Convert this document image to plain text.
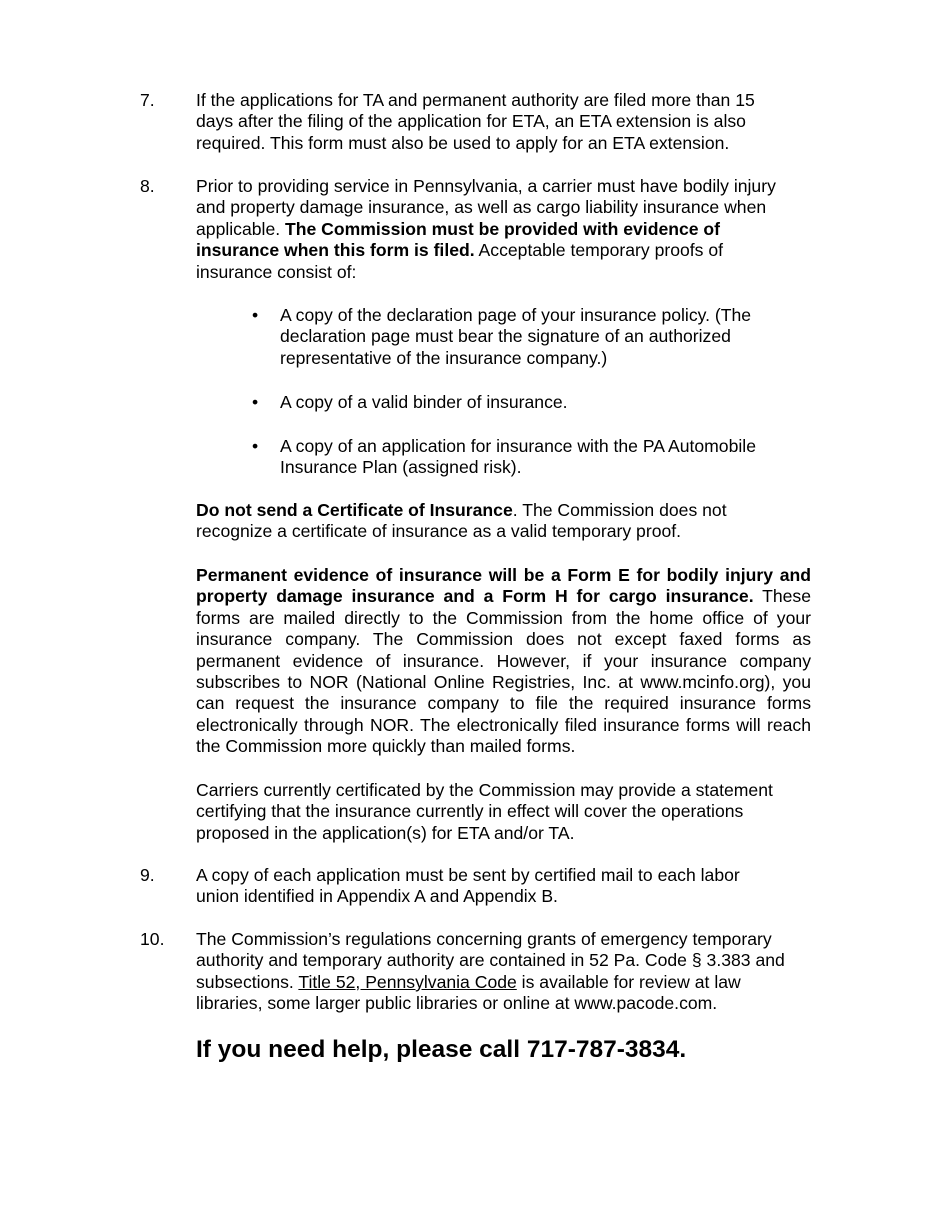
7. If the applications for TA and permanent authority are filed more than 15 days after the filing of the application for ETA, an ETA extension is also required. This form must also be used to apply for an ETA extension.
8. Prior to providing service in Pennsylvania, a carrier must have bodily injury and property damage insurance, as well as cargo liability insurance when applicable. The Commission must be provided with evidence of insurance when this form is filed. Acceptable temporary proofs of insurance consist of:
• A copy of the declaration page of your insurance policy. (The declaration page must bear the signature of an authorized representative of the insurance company.)
• A copy of a valid binder of insurance.
• A copy of an application for insurance with the PA Automobile Insurance Plan (assigned risk).
Do not send a Certificate of Insurance. The Commission does not recognize a certificate of insurance as a valid temporary proof.
Permanent evidence of insurance will be a Form E for bodily injury and property damage insurance and a Form H for cargo insurance. These forms are mailed directly to the Commission from the home office of your insurance company. The Commission does not except faxed forms as permanent evidence of insurance. However, if your insurance company subscribes to NOR (National Online Registries, Inc. at www.mcinfo.org), you can request the insurance company to file the required insurance forms electronically through NOR. The electronically filed insurance forms will reach the Commission more quickly than mailed forms.
Carriers currently certificated by the Commission may provide a statement certifying that the insurance currently in effect will cover the operations proposed in the application(s) for ETA and/or TA.
9. A copy of each application must be sent by certified mail to each labor union identified in Appendix A and Appendix B.
10. The Commission’s regulations concerning grants of emergency temporary authority and temporary authority are contained in 52 Pa. Code § 3.383 and subsections. Title 52, Pennsylvania Code is available for review at law libraries, some larger public libraries or online at www.pacode.com.
If you need help, please call 717-787-3834.
